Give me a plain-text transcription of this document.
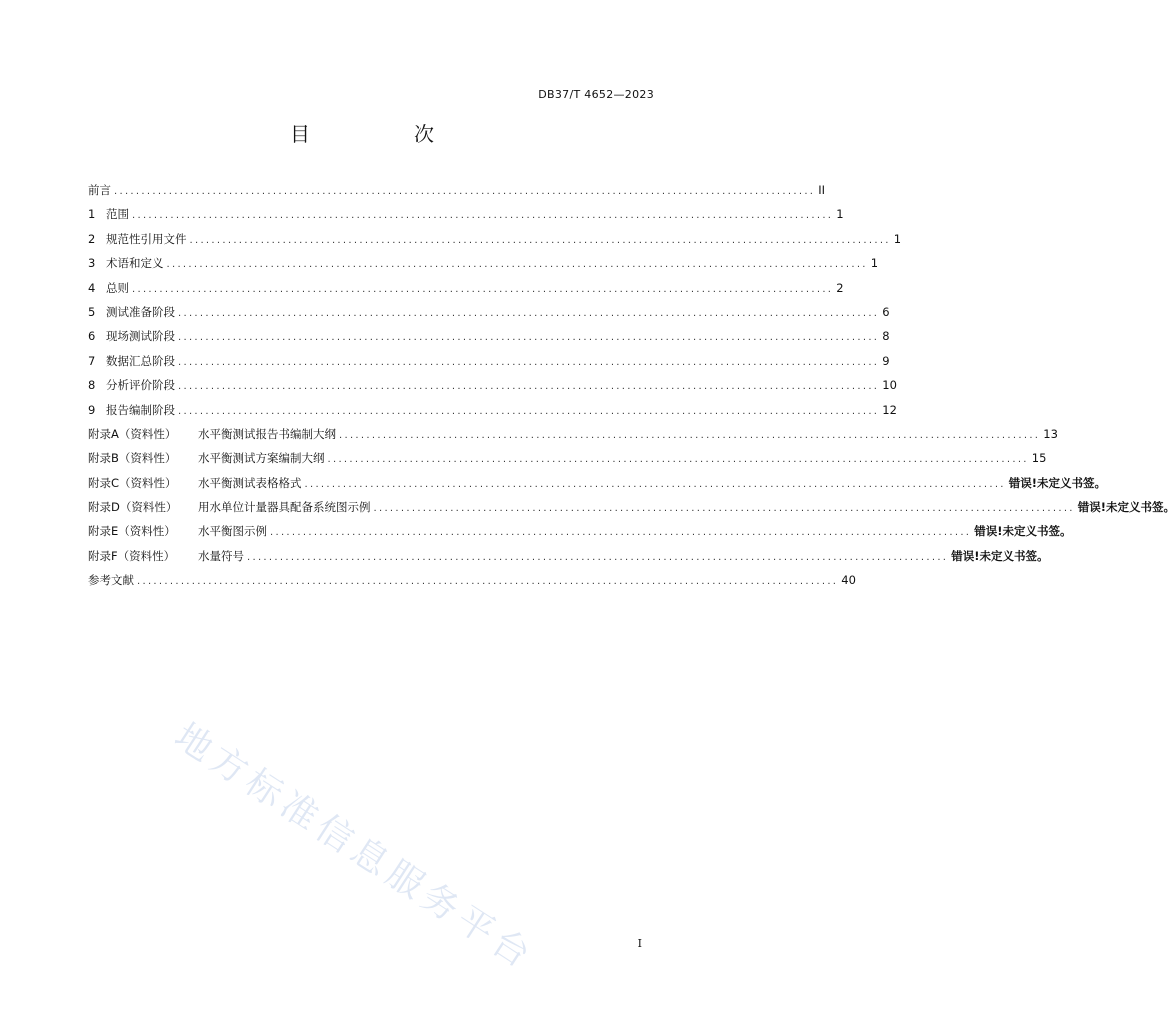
DB37/T 4652—2023
目　次
前言 ................................................................................................................................ II
1 范围 ................................................................................................................................ 1
2 规范性引用文件 ................................................................................................................................ 1
3 术语和定义 ................................................................................................................................ 1
4 总则 ................................................................................................................................ 2
5 测试准备阶段 ................................................................................................................................ 6
6 现场测试阶段 ................................................................................................................................ 8
7 数据汇总阶段 ................................................................................................................................ 9
8 分析评价阶段 ................................................................................................................................ 10
9 报告编制阶段 ................................................................................................................................ 12
附录A（资料性）	水平衡测试报告书编制大纲 ................................................................................................................................ 13
附录B（资料性）	水平衡测试方案编制大纲 ................................................................................................................................ 15
附录C（资料性）	水平衡测试表格格式 ................................................................................................................................ 错误!未定义书签。
附录D（资料性）	用水单位计量器具配备系统图示例 ................................................................................................................................ 错误!未定义书签。
附录E（资料性）	水平衡图示例 ................................................................................................................................ 错误!未定义书签。
附录F（资料性）	水量符号 ................................................................................................................................ 错误!未定义书签。
参考文献 ................................................................................................................................ 40
地方标准信息服务平台	I
